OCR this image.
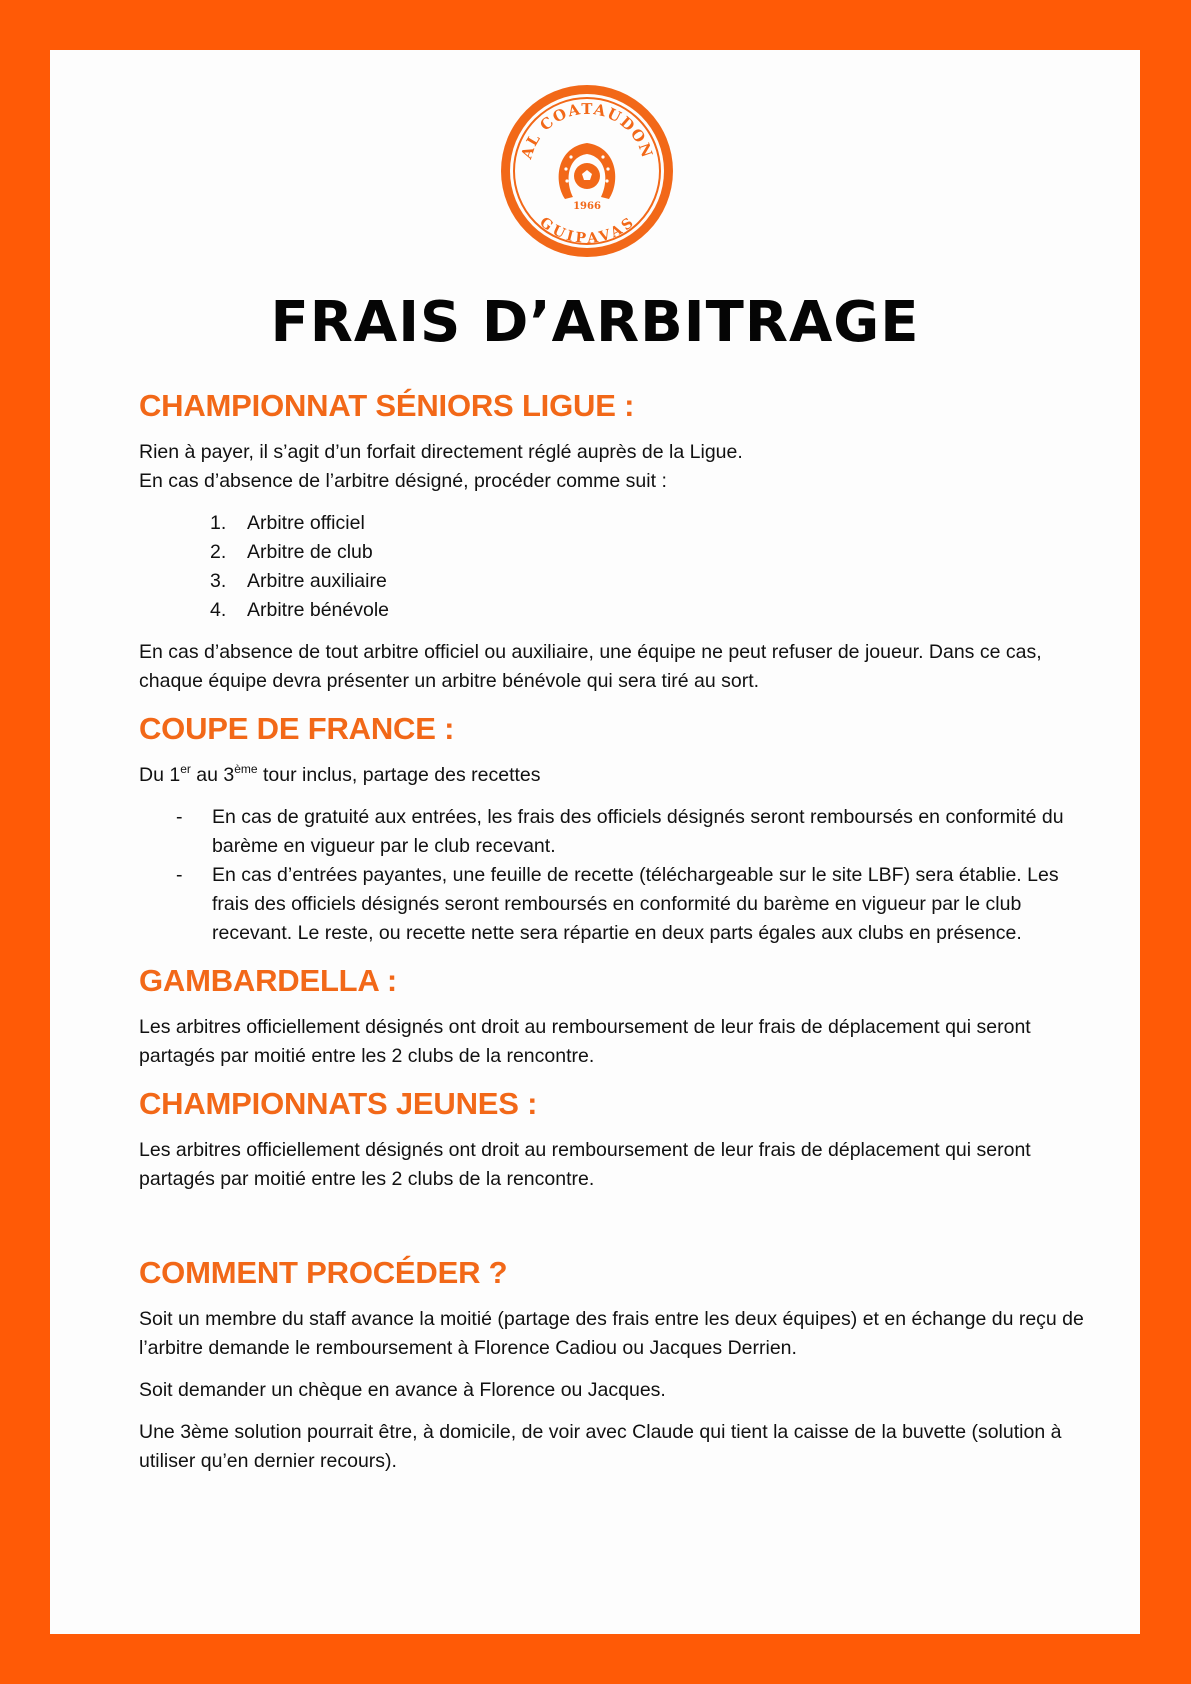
AL COATAUDON
GUIPAVAS
1966
FRAIS D’ARBITRAGE
CHAMPIONNAT SÉNIORS LIGUE :

Rien à payer, il s’agit d’un forfait directement réglé auprès de la Ligue.

En cas d’absence de l’arbitre désigné, procéder comme suit :

1.	Arbitre officiel
2.	Arbitre de club
3.	Arbitre auxiliaire
4.	Arbitre bénévole

En cas d’absence de tout arbitre officiel ou auxiliaire, une équipe ne peut refuser de joueur. Dans ce cas, chaque équipe devra présenter un arbitre bénévole qui sera tiré au sort.

COUPE DE FRANCE :

Du 1er au 3ème tour inclus, partage des recettes

- En cas de gratuité aux entrées, les frais des officiels désignés seront remboursés en conformité du barème en vigueur par le club recevant.
- En cas d’entrées payantes, une feuille de recette (téléchargeable sur le site LBF) sera établie. Les frais des officiels désignés seront remboursés en conformité du barème en vigueur par le club recevant. Le reste, ou recette nette sera répartie en deux parts égales aux clubs en présence.
GAMBARDELLA :

Les arbitres officiellement désignés ont droit au remboursement de leur frais de déplacement qui seront partagés par moitié entre les 2 clubs de la rencontre.

CHAMPIONNATS JEUNES :

Les arbitres officiellement désignés ont droit au remboursement de leur frais de déplacement qui seront partagés par moitié entre les 2 clubs de la rencontre.

COMMENT PROCÉDER ?

Soit un membre du staff avance la moitié (partage des frais entre les deux équipes) et en échange du reçu de l’arbitre demande le remboursement à Florence Cadiou ou Jacques Derrien.

Soit demander un chèque en avance à Florence ou Jacques.

Une 3ème solution pourrait être, à domicile, de voir avec Claude qui tient la caisse de la buvette (solution à utiliser qu’en dernier recours).
